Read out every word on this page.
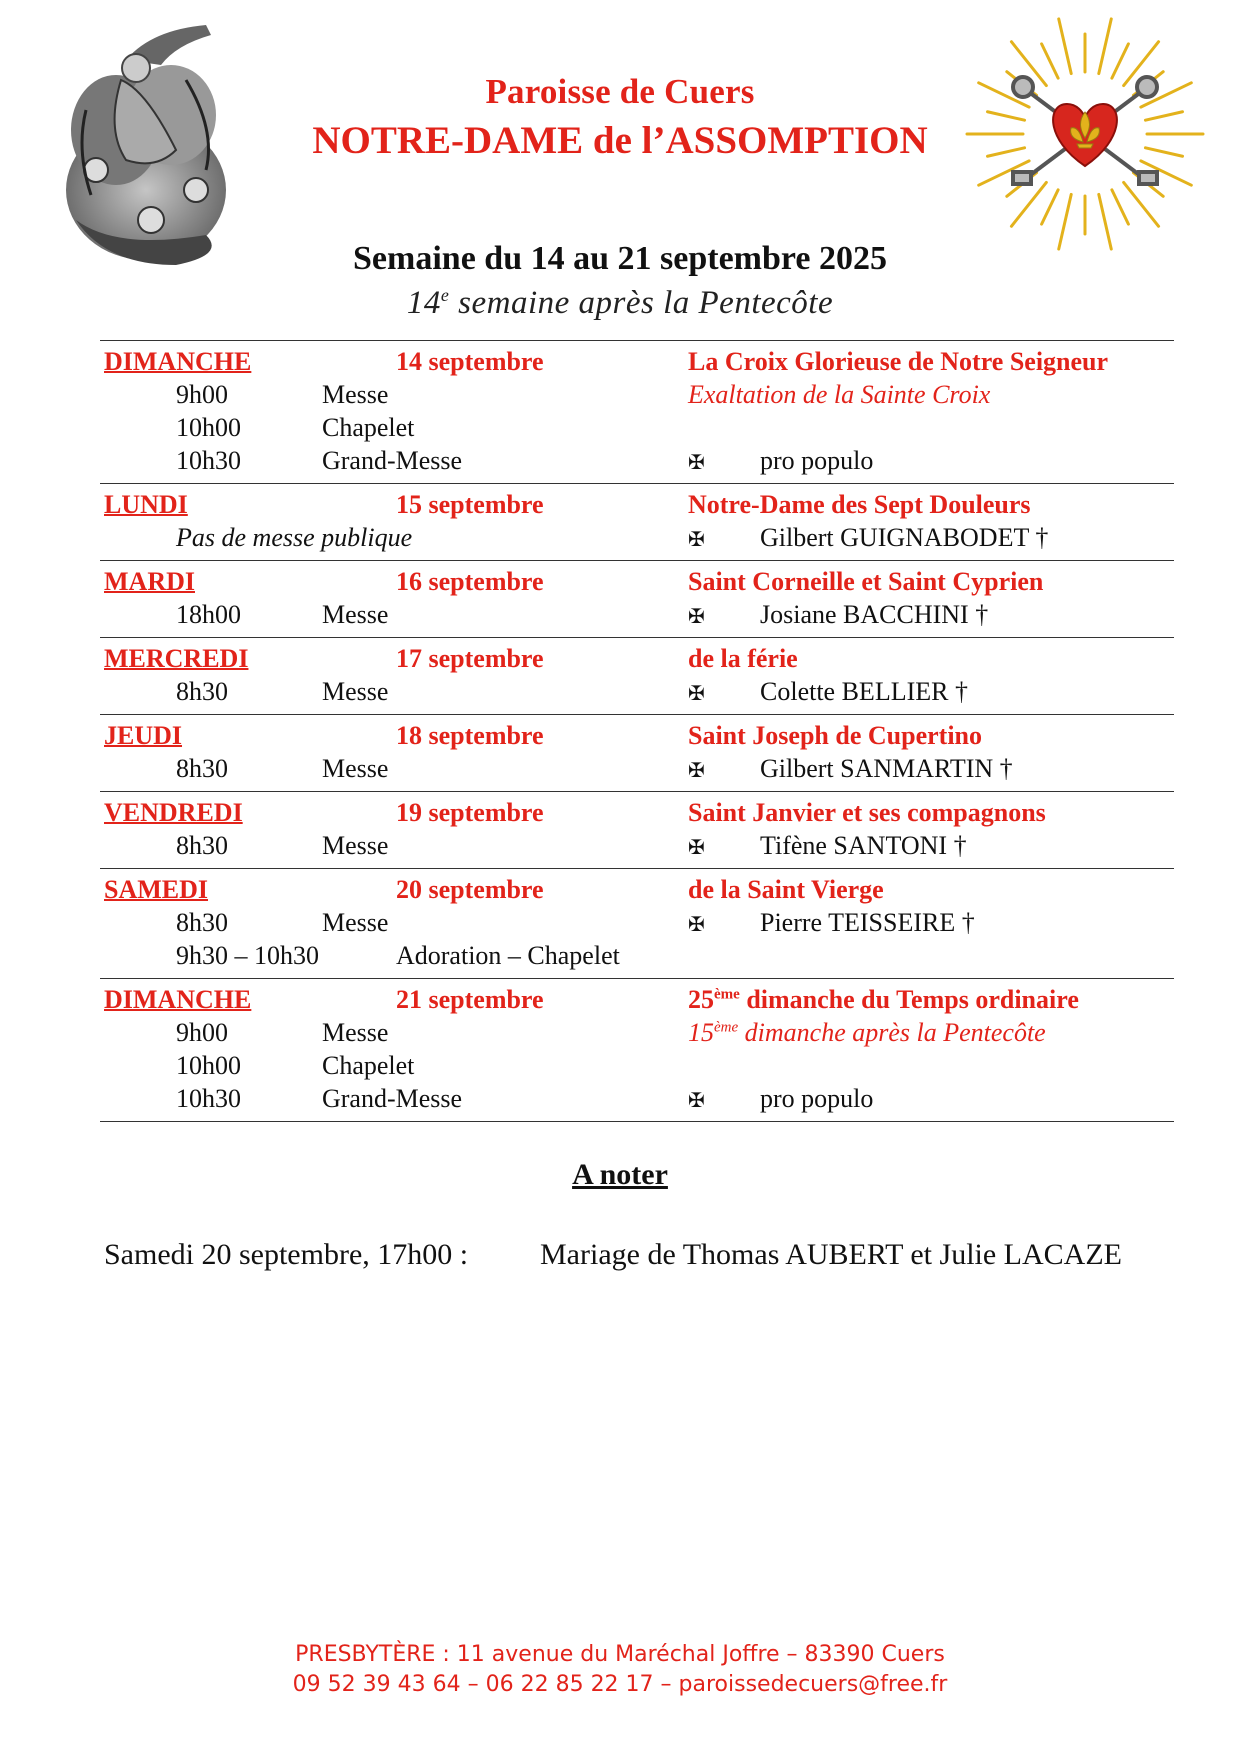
Paroisse de Cuers
NOTRE-DAME de l’ASSOMPTION
Semaine du 14 au 21 septembre 2025
14e semaine après la Pentecôte
DIMANCHE	14 septembre	La Croix Glorieuse de Notre Seigneur
9h00	Messe	Exaltation de la Sainte Croix
10h00	Chapelet
10h30	Grand-Messe	✠ pro populo
LUNDI	15 septembre	Notre-Dame des Sept Douleurs
Pas de messe publique	✠ Gilbert GUIGNABODET †
MARDI	16 septembre	Saint Corneille et Saint Cyprien
18h00	Messe	✠ Josiane BACCHINI †
MERCREDI	17 septembre	de la férie
8h30	Messe	✠ Colette BELLIER †
JEUDI	18 septembre	Saint Joseph de Cupertino
8h30	Messe	✠ Gilbert SANMARTIN †
VENDREDI	19 septembre	Saint Janvier et ses compagnons
8h30	Messe	✠ Tifène SANTONI †
SAMEDI	20 septembre	de la Saint Vierge
8h30	Messe	✠ Pierre TEISSEIRE †
9h30 – 10h30	Adoration – Chapelet
DIMANCHE	21 septembre	25ème dimanche du Temps ordinaire
9h00	Messe	15ème dimanche après la Pentecôte
10h00	Chapelet
10h30	Grand-Messe	✠ pro populo
A noter
Samedi 20 septembre, 17h00 : Mariage de Thomas AUBERT et Julie LACAZE
PRESBYTÈRE : 11 avenue du Maréchal Joffre – 83390 Cuers
09 52 39 43 64 – 06 22 85 22 17 – paroissedecuers@free.fr
